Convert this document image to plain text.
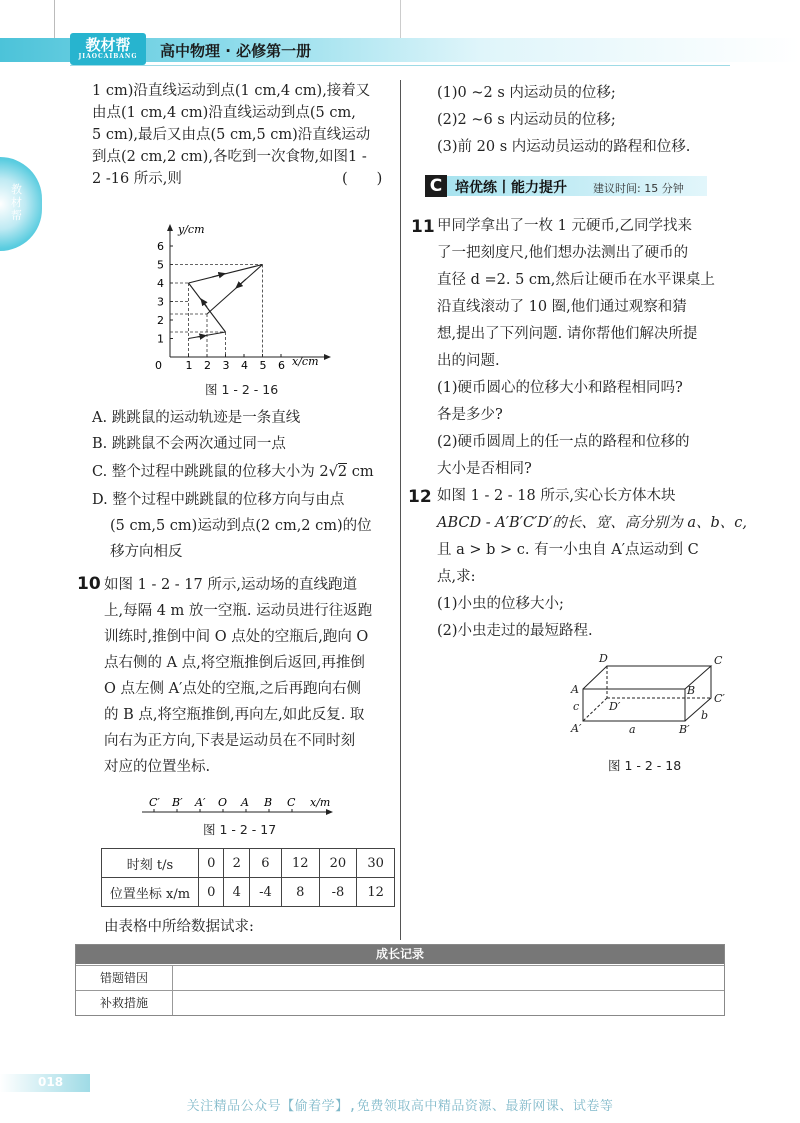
教材帮
JIAOCAIBANG	高中物理 · 必修第一册
教材帮
1 cm)沿直线运动到点(1 cm,4 cm),接着又
由点(1 cm,4 cm)沿直线运动到点(5 cm,
5 cm),最后又由点(5 cm,5 cm)沿直线运动
到点(2 cm,2 cm),各吃到一次食物,如图1 -
2 -16 所示,则	(　　)
0
1
2
3
4
5
6
1 2 3 4 5 6
y/cm
x/cm
图 1 - 2 - 16
A. 跳跳鼠的运动轨迹是一条直线
B. 跳跳鼠不会两次通过同一点
C. 整个过程中跳跳鼠的位移大小为 2√2 cm
D. 整个过程中跳跳鼠的位移方向与由点
(5 cm,5 cm)运动到点(2 cm,2 cm)的位
移方向相反
10 如图 1 - 2 - 17 所示,运动场的直线跑道
上,每隔 4 m 放一空瓶. 运动员进行往返跑
训练时,推倒中间 O 点处的空瓶后,跑向 O
点右侧的 A 点,将空瓶推倒后返回,再推倒
O 点左侧 A′点处的空瓶,之后再跑向右侧
的 B 点,将空瓶推倒,再向左,如此反复. 取
向右为正方向,下表是运动员在不同时刻
对应的位置坐标.
C′ B′ A′ O A B C x/m
图 1 - 2 - 17
时刻 t/s	0	2	6	12	20	30
位置坐标 x/m	0	4	-4	8	-8	12
由表格中所给数据试求:
(1)0 ~2 s 内运动员的位移;
(2)2 ~6 s 内运动员的位移;
(3)前 20 s 内运动员运动的路程和位移.
C 培优练丨能力提升 建议时间: 15 分钟
11 甲同学拿出了一枚 1 元硬币,乙同学找来
了一把刻度尺,他们想办法测出了硬币的
直径 d =2. 5 cm,然后让硬币在水平课桌上
沿直线滚动了 10 圈,他们通过观察和猜
想,提出了下列问题. 请你帮他们解决所提
出的问题.
(1)硬币圆心的位移大小和路程相同吗?
各是多少?
(2)硬币圆周上的任一点的路程和位移的
大小是否相同?
12 如图 1 - 2 - 18 所示,实心长方体木块
ABCD - A′B′C′D′的长、宽、高分别为 a、b、c,
且 a > b > c. 有一小虫自 A′点运动到 C
点,求:
(1)小虫的位移大小;
(2)小虫走过的最短路程.
D	C
A	B
D′
C′
A′	B′
a
b
c
图 1 - 2 - 18
成长记录
错题错因
补救措施
018
关注精品公众号【偷着学】,免费领取高中精品资源、最新网课、试卷等
